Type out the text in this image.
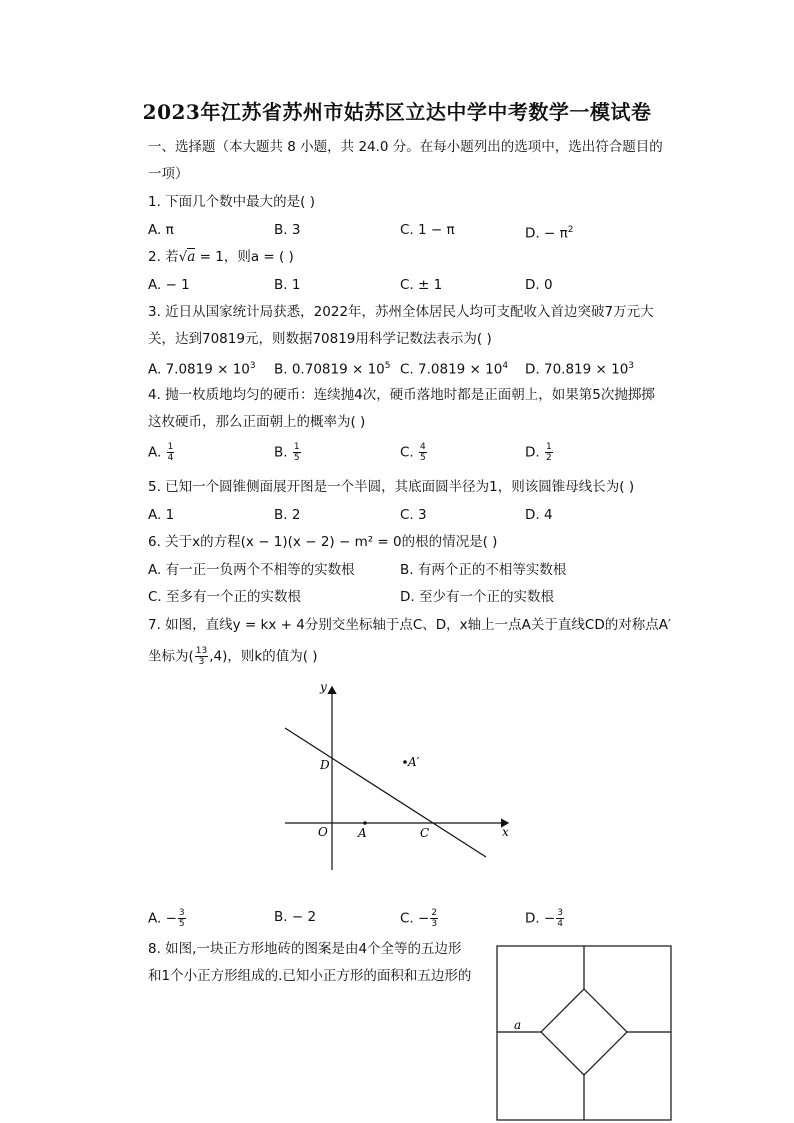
2023年江苏省苏州市姑苏区立达中学中考数学一模试卷
一、选择题（本大题共 8 小题，共 24.0 分。在每小题列出的选项中，选出符合题目的
一项）
1. 下面几个数中最大的是( )
A. π	B. 3	C. 1 − π	D. − $\pi^2$
2. 若√a = 1，则a = ( )
A. − 1	B. 1	C. ± 1	D. 0
3. 近日从国家统计局获悉，2022年，苏州全体居民人均可支配收入首边突破7万元大
关，达到70819元，则数据70819用科学记数法表示为( )
A. $7.0819 \times 10^3$ B. $0.70819 \times 10^5$ C. $7.0819 \times 10^4$ D. $70.819 \times 10^3$
4. 抛一枚质地均匀的硬币：连续抛4次，硬币落地时都是正面朝上，如果第5次抛掷掷
这枚硬币，那么正面朝上的概率为( )
A. $\frac{1}{4}$	B. $\frac{1}{5}$	C. $\frac{4}{5}$	D. $\frac{1}{2}$
5. 已知一个圆锥侧面展开图是一个半圆，其底面圆半径为1，则该圆锥母线长为( )
A. 1	B. 2	C. 3	D. 4
6. 关于x的方程(x − 1)(x − 2) − m² = 0的根的情况是( )
A. 有一正一负两个不相等的实数根	B. 有两个正的不相等实数根
C. 至多有一个正的实数根	D. 至少有一个正的实数根
7. 如图，直线y = kx + 4分别交坐标轴于点C、D，x轴上一点A关于直线CD的对称点A′
坐标为( $\frac{13}{3} ,4$)，则k的值为( )
y
x
O	A	C
D	A′
A. − $\frac{3}{5}$	B. − 2	C. − $\frac{2}{3}$	D. − $\frac{3}{4}$
8. 如图,一块正方形地砖的图案是由4个全等的五边形
和1个小正方形组成的.已知小正方形的面积和五边形的
a
